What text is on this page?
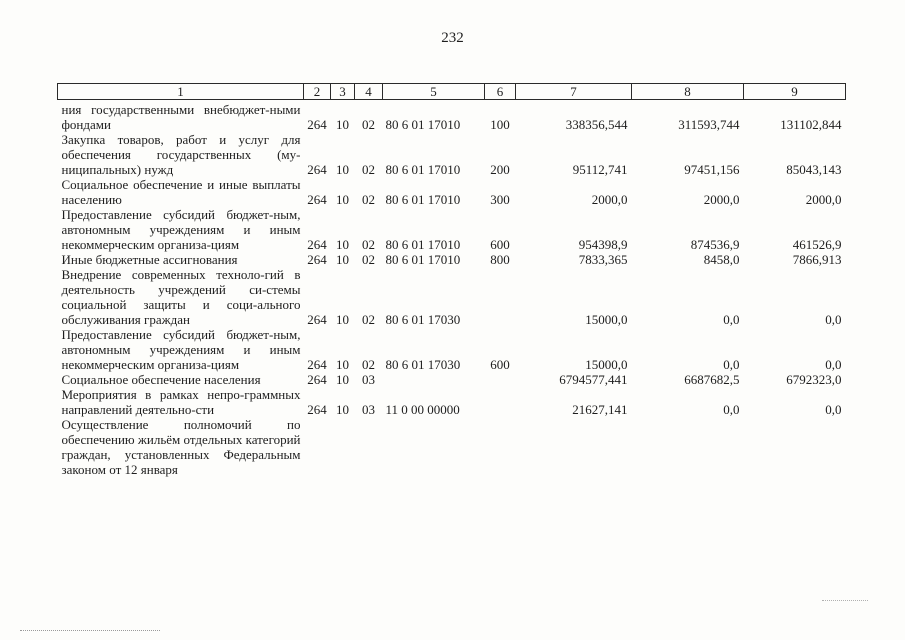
232
1	2	3	4	5	6	7	8	9
ния государственными внебюджет-ными фондами	264	10	02	80 6 01 17010	100	338356,544	311593,744	131102,844
Закупка товаров, работ и услуг для обеспечения государственных (му-ниципальных) нужд	264	10	02	80 6 01 17010	200	95112,741	97451,156	85043,143
Социальное обеспечение и иные выплаты населению	264	10	02	80 6 01 17010	300	2000,0	2000,0	2000,0
Предоставление субсидий бюджет-ным, автономным учреждениям и иным некоммерческим организа-циям	264	10	02	80 6 01 17010	600	954398,9	874536,9	461526,9
Иные бюджетные ассигнования	264	10	02	80 6 01 17010	800	7833,365	8458,0	7866,913
Внедрение современных техноло-гий в деятельность учреждений си-стемы социальной защиты и соци-ального обслуживания граждан	264	10	02	80 6 01 17030		15000,0	0,0	0,0
Предоставление субсидий бюджет-ным, автономным учреждениям и иным некоммерческим организа-циям	264	10	02	80 6 01 17030	600	15000,0	0,0	0,0
Социальное обеспечение населения	264	10	03			6794577,441	6687682,5	6792323,0
Мероприятия в рамках непро-граммных направлений деятельно-сти	264	10	03	11 0 00 00000		21627,141	0,0	0,0
Осуществление полномочий по обеспечению жильём отдельных категорий граждан, установленных Федеральным законом от 12 января								
